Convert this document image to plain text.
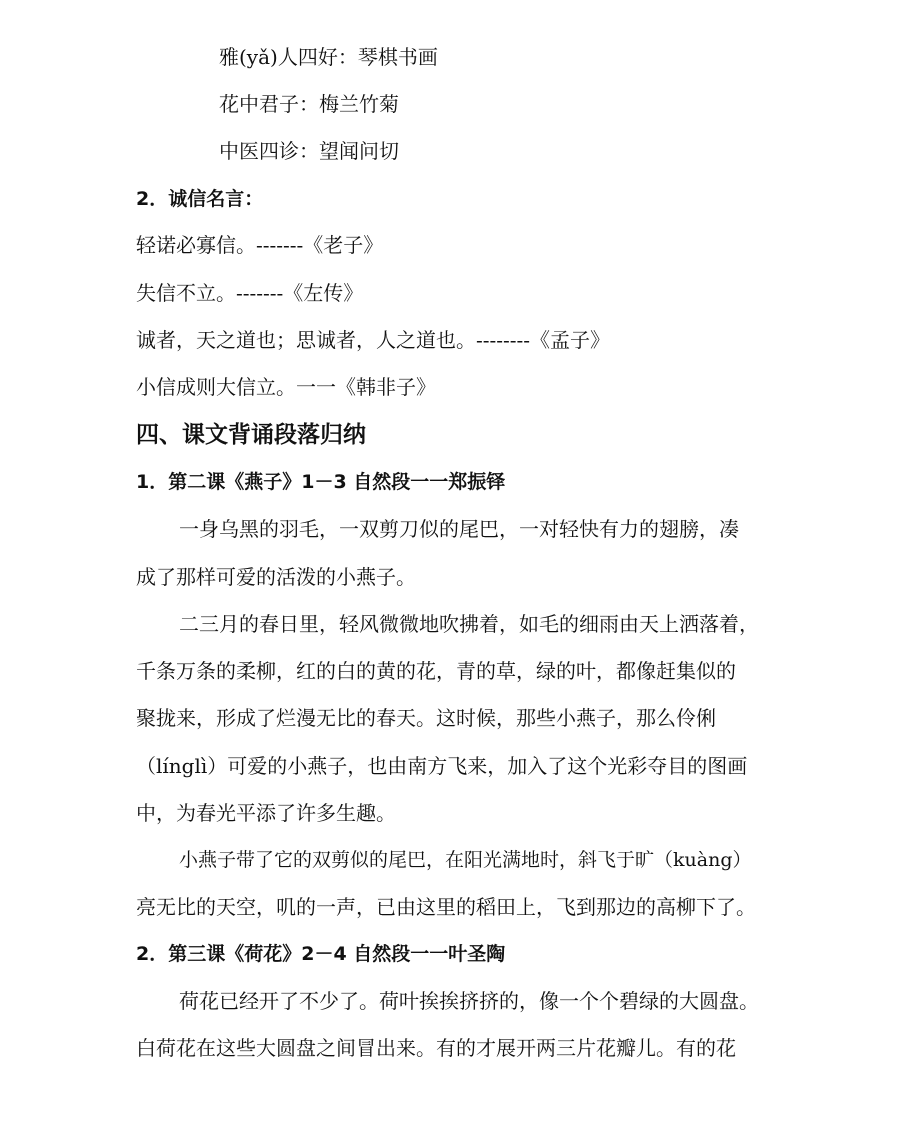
雅(yǎ)人四好：琴棋书画
花中君子：梅兰竹菊
中医四诊：望闻问切
2．诚信名言：
轻诺必寡信。-------《老子》
失信不立。-------《左传》
诚者，天之道也；思诚者，人之道也。--------《孟子》
小信成则大信立。一一《韩非子》
四、课文背诵段落归纳
1．第二课《燕子》1－3 自然段一一郑振铎
一身乌黑的羽毛，一双剪刀似的尾巴，一对轻快有力的翅膀，凑
成了那样可爱的活泼的小燕子。
二三月的春日里，轻风微微地吹拂着，如毛的细雨由天上洒落着，
千条万条的柔柳，红的白的黄的花，青的草，绿的叶，都像赶集似的
聚拢来，形成了烂漫无比的春天。这时候，那些小燕子，那么伶俐
（línglì）可爱的小燕子，也由南方飞来，加入了这个光彩夺目的图画
中，为春光平添了许多生趣。
小燕子带了它的双剪似的尾巴，在阳光满地时，斜飞于旷（kuàng）
亮无比的天空，叽的一声，已由这里的稻田上，飞到那边的高柳下了。
2．第三课《荷花》2－4 自然段一一叶圣陶
荷花已经开了不少了。荷叶挨挨挤挤的，像一个个碧绿的大圆盘。
白荷花在这些大圆盘之间冒出来。有的才展开两三片花瓣儿。有的花
